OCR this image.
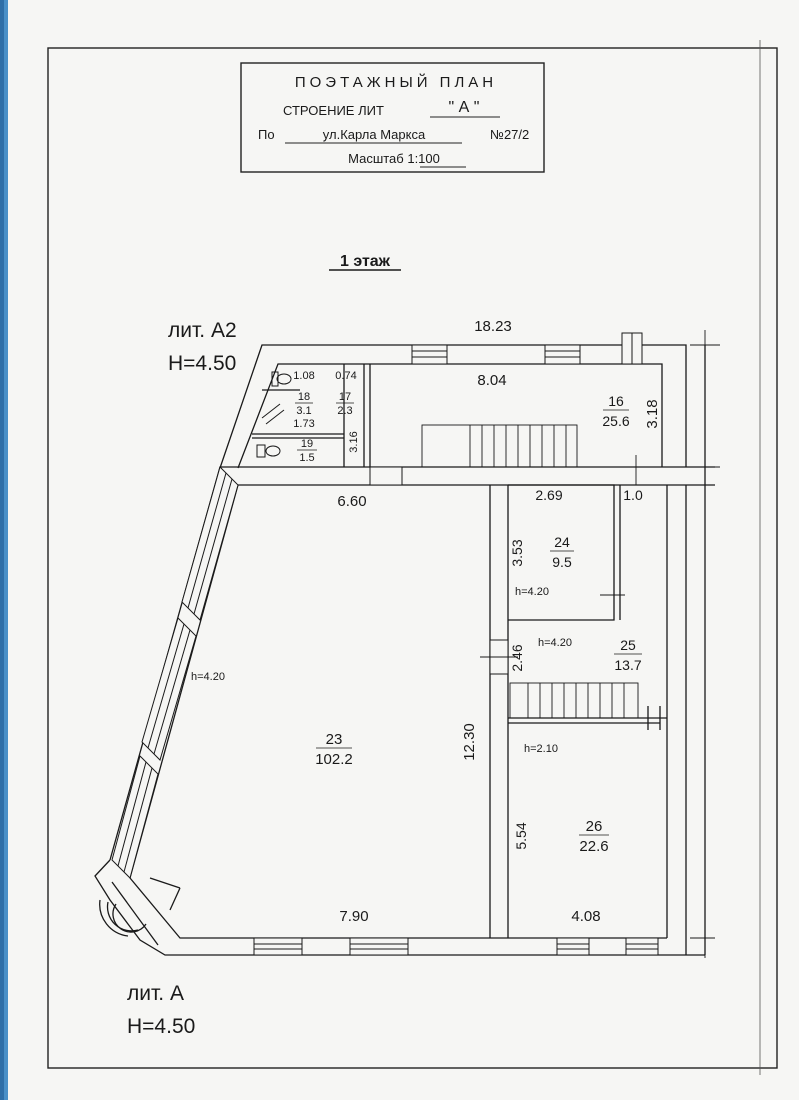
ПОЭТАЖНЫЙ ПЛАН
СТРОЕНИЕ ЛИТ	" А "
По	ул.Карла Маркса	№27/2
Масштаб 1:100
1 этаж
лит. А2
Н=4.50
лит. А
Н=4.50
18.23
8.04
3.18
1.08 0.74
1.73
3.16
6.60
12.30
7.90
2.69	1.0
3.53
2.46
5.54
4.08
h=4.20
h=4.20
h=4.20
h=2.10
16
25.6
17
2.3
18
3.1
19
1.5
23
102.2
24
9.5
25
13.7
26
22.6
